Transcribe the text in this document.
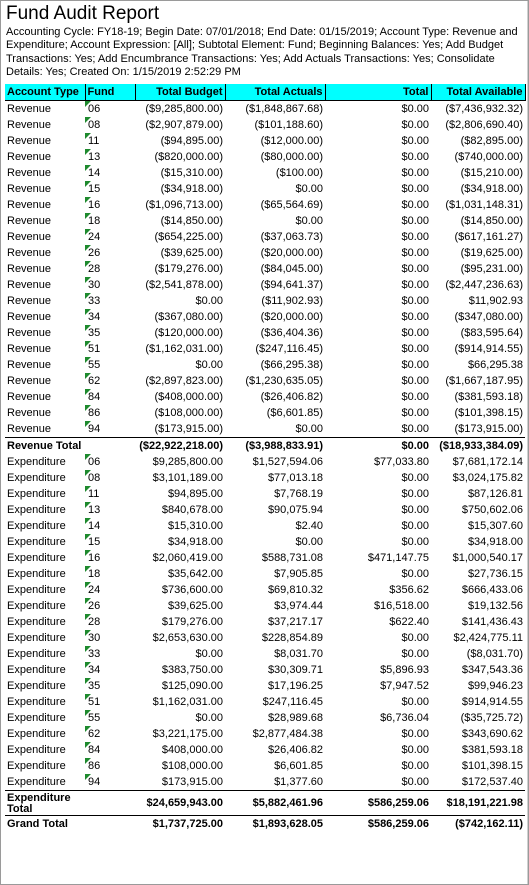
Fund Audit Report
Accounting Cycle: FY18-19; Begin Date: 07/01/2018; End Date: 01/15/2019; Account Type: Revenue and Expenditure; Account Expression: [All]; Subtotal Element: Fund; Beginning Balances: Yes; Add Budget Transactions: Yes; Add Encumbrance Transactions: Yes; Add Actuals Transactions: Yes; Consolidate Details: Yes; Created On: 1/15/2019 2:52:29 PM
Account Type	Fund	Total Budget	Total Actuals	Total	Total Available
Revenue	06	($9,285,800.00)	($1,848,867.68)	$0.00	($7,436,932.32)
Revenue	08	($2,907,879.00)	($101,188.60)	$0.00	($2,806,690.40)
Revenue	11	($94,895.00)	($12,000.00)	$0.00	($82,895.00)
Revenue	13	($820,000.00)	($80,000.00)	$0.00	($740,000.00)
Revenue	14	($15,310.00)	($100.00)	$0.00	($15,210.00)
Revenue	15	($34,918.00)	$0.00	$0.00	($34,918.00)
Revenue	16	($1,096,713.00)	($65,564.69)	$0.00	($1,031,148.31)
Revenue	18	($14,850.00)	$0.00	$0.00	($14,850.00)
Revenue	24	($654,225.00)	($37,063.73)	$0.00	($617,161.27)
Revenue	26	($39,625.00)	($20,000.00)	$0.00	($19,625.00)
Revenue	28	($179,276.00)	($84,045.00)	$0.00	($95,231.00)
Revenue	30	($2,541,878.00)	($94,641.37)	$0.00	($2,447,236.63)
Revenue	33	$0.00	($11,902.93)	$0.00	$11,902.93
Revenue	34	($367,080.00)	($20,000.00)	$0.00	($347,080.00)
Revenue	35	($120,000.00)	($36,404.36)	$0.00	($83,595.64)
Revenue	51	($1,162,031.00)	($247,116.45)	$0.00	($914,914.55)
Revenue	55	$0.00	($66,295.38)	$0.00	$66,295.38
Revenue	62	($2,897,823.00)	($1,230,635.05)	$0.00	($1,667,187.95)
Revenue	84	($408,000.00)	($26,406.82)	$0.00	($381,593.18)
Revenue	86	($108,000.00)	($6,601.85)	$0.00	($101,398.15)
Revenue	94	($173,915.00)	$0.00	$0.00	($173,915.00)
Revenue Total		($22,922,218.00)	($3,988,833.91)	$0.00	($18,933,384.09)
Expenditure	06	$9,285,800.00	$1,527,594.06	$77,033.80	$7,681,172.14
Expenditure	08	$3,101,189.00	$77,013.18	$0.00	$3,024,175.82
Expenditure	11	$94,895.00	$7,768.19	$0.00	$87,126.81
Expenditure	13	$840,678.00	$90,075.94	$0.00	$750,602.06
Expenditure	14	$15,310.00	$2.40	$0.00	$15,307.60
Expenditure	15	$34,918.00	$0.00	$0.00	$34,918.00
Expenditure	16	$2,060,419.00	$588,731.08	$471,147.75	$1,000,540.17
Expenditure	18	$35,642.00	$7,905.85	$0.00	$27,736.15
Expenditure	24	$736,600.00	$69,810.32	$356.62	$666,433.06
Expenditure	26	$39,625.00	$3,974.44	$16,518.00	$19,132.56
Expenditure	28	$179,276.00	$37,217.17	$622.40	$141,436.43
Expenditure	30	$2,653,630.00	$228,854.89	$0.00	$2,424,775.11
Expenditure	33	$0.00	$8,031.70	$0.00	($8,031.70)
Expenditure	34	$383,750.00	$30,309.71	$5,896.93	$347,543.36
Expenditure	35	$125,090.00	$17,196.25	$7,947.52	$99,946.23
Expenditure	51	$1,162,031.00	$247,116.45	$0.00	$914,914.55
Expenditure	55	$0.00	$28,989.68	$6,736.04	($35,725.72)
Expenditure	62	$3,221,175.00	$2,877,484.38	$0.00	$343,690.62
Expenditure	84	$408,000.00	$26,406.82	$0.00	$381,593.18
Expenditure	86	$108,000.00	$6,601.85	$0.00	$101,398.15
Expenditure	94	$173,915.00	$1,377.60	$0.00	$172,537.40
Expenditure Total		$24,659,943.00	$5,882,461.96	$586,259.06	$18,191,221.98
Grand Total		$1,737,725.00	$1,893,628.05	$586,259.06	($742,162.11)
